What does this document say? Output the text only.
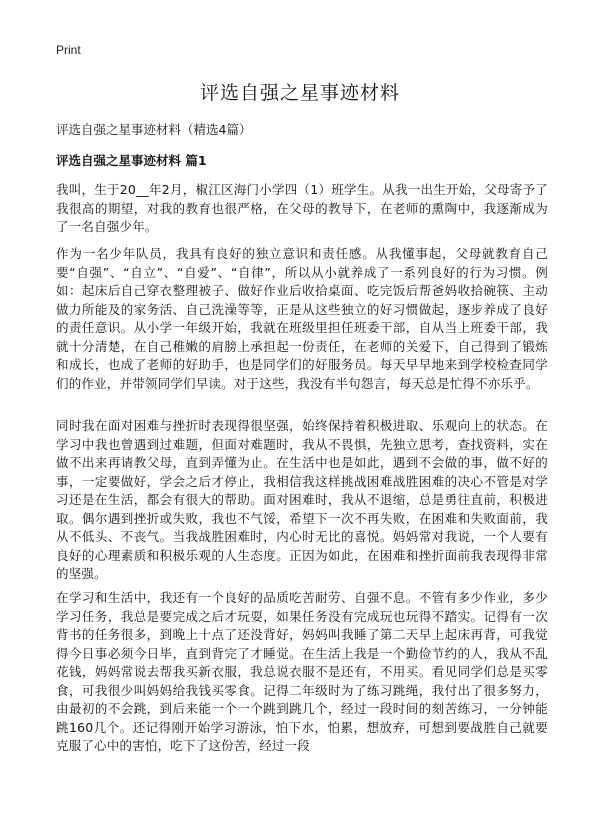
Print
评选自强之星事迹材料
评选自强之星事迹材料（精选4篇）
评选自强之星事迹材料 篇1

我叫，生于20__年2月，椒江区海门小学四（1）班学生。从我一出生开始，父母寄予了我很高的期望，对我的教育也很严格，在父母的教导下，在老师的熏陶中，我逐渐成为了一名自强少年。

作为一名少年队员，我具有良好的独立意识和责任感。从我懂事起，父母就教育自己要“自强”、“自立”、“自爱”、“自律”，所以从小就养成了一系列良好的行为习惯。例如：起床后自己穿衣整理被子、做好作业后收拾桌面、吃完饭后帮爸妈收拾碗筷、主动做力所能及的家务活、自己洗澡等等，正是从这些独立的好习惯做起，逐步养成了良好的责任意识。从小学一年级开始，我就在班级里担任班委干部，自从当上班委干部，我就十分清楚，在自己稚嫩的肩膀上承担起一份责任，在老师的关爱下，自己得到了锻炼和成长，也成了老师的好助手，也是同学们的好服务员。每天早早地来到学校检查同学们的作业，并带领同学们早读。对于这些，我没有半句怨言，每天总是忙得不亦乐乎。

同时我在面对困难与挫折时表现得很坚强，始终保持着积极进取、乐观向上的状态。在学习中我也曾遇到过难题，但面对难题时，我从不畏惧，先独立思考，查找资料，实在做不出来再请教父母，直到弄懂为止。在生活中也是如此，遇到不会做的事，做不好的事，一定要做好，学会之后才停止，我相信我这样挑战困难战胜困难的决心不管是对学习还是在生活，都会有很大的帮助。面对困难时，我从不退缩，总是勇往直前，积极进取。偶尔遇到挫折或失败，我也不气馁，希望下一次不再失败，在困难和失败面前，我从不低头、不丧气。当我战胜困难时，内心时无比的喜悦。妈妈常对我说，一个人要有良好的心理素质和积极乐观的人生态度。正因为如此，在困难和挫折面前我表现得非常的坚强。

在学习和生活中，我还有一个良好的品质吃苦耐劳、自强不息。不管有多少作业，多少学习任务，我总是要完成之后才玩耍，如果任务没有完成玩也玩得不踏实。记得有一次背书的任务很多，到晚上十点了还没背好，妈妈叫我睡了第二天早上起床再背，可我觉得今日事必须今日毕，直到背完了才睡觉。在生活上我是一个勤俭节约的人，我从不乱花钱，妈妈常说去帮我买新衣服，我总说衣服不是还有，不用买。看见同学们总是买零食，可我很少叫妈妈给我钱买零食。记得二年级时为了练习跳绳，我付出了很多努力，由最初的不会跳，到后来能一个一个跳到跳几个，经过一段时间的刻苦练习，一分钟能跳160几个。还记得刚开始学习游泳，怕下水，怕累，想放弃，可想到要战胜自己就要克服了心中的害怕，吃下了这份苦，经过一段
